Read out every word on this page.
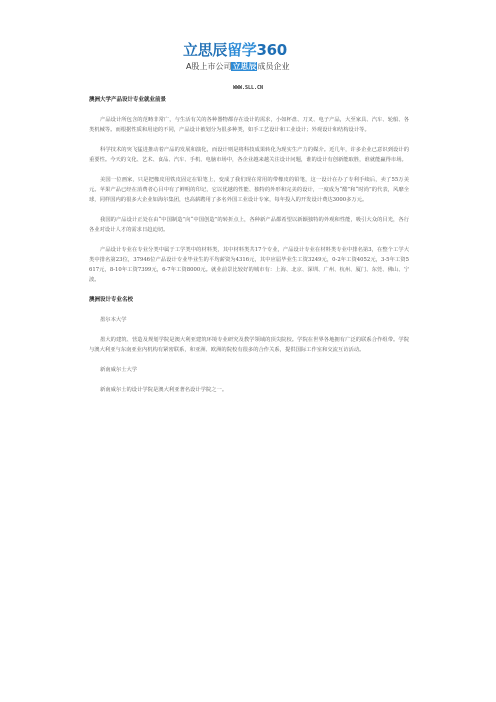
立思辰留学360
A股上市公司立思辰成员企业
WWW.SLL.CN

澳洲大学产品设计专业就业前景

产品设计所包含的范畴非常广，与生活有关的各种器物都存在设计的需求，小如杯盘、刀叉、电子产品，大至家具、汽车、轮船、各类机械等。而根据性质和用途的不同，产品设计被划分为很多种类，如手工艺设计和工业设计；外观设计和结构设计等。

科学技术的突飞猛进推动着产品的发展和演化，而设计则是将科技成果转化为现实生产力的媒介。近几年，许多企业已意识到设计的重要性。今天的文化、艺术、食品、汽车、手机、电脑市场中，各企业越来越关注设计问题，谁的设计有创新能取胜，谁就能赢得市场。

美国一位画家，只是把橡皮用铁皮固定在铅笔上，变成了我们现在常用的带橡皮的铅笔，这一设计在办了专利手续后，卖了55万美元。苹果产品已经在消费者心目中有了鲜明的印记，它以优越的性能、独特的外形和完美的设计，一度成为“酷”和“时尚”的代表，风靡全球，同样国内的很多大企业如海尔集团，也高薪聘用了多名外国工业设计专家，每年投入的开发设计费达3000多万元。

我国的产品设计正处在由“中国制造”向“中国创造”的转折点上，各种新产品都希望以新颖独特的外观和性能，吸引大众的目光，各行各业对设计人才的需求日趋迫切。

产品设计专业在专业分类中属于工学类中的材料类，其中材料类共17个专业，产品设计专业在材料类专业中排名第3，在整个工学大类中排名第23位，37946位产品设计专业毕业生的平均薪资为4316元，其中应届毕业生工资3249元，0-2年工资4052元，3-5年工资5617元，8-10年工资7399元，6-7年工资8000元。就业前景比较好的城市有：上海、北京、深圳、广州、杭州、厦门、东莞、佛山、宁波。

澳洲设计专业名校

墨尔本大学

墨大的建筑、营造及规划学院是澳大利亚建筑环境专业研究及教学领域的顶尖院校。学院在世界各地拥有广泛的联系合作组带。学院与澳大利亚与东南亚业内机构有紧密联系，和亚洲、欧洲的院校有很多的合作关系，提供国际工作室和交流互访活动。

新南威尔士大学

新南威尔士的设计学院是澳大利亚著名设计学院之一。
